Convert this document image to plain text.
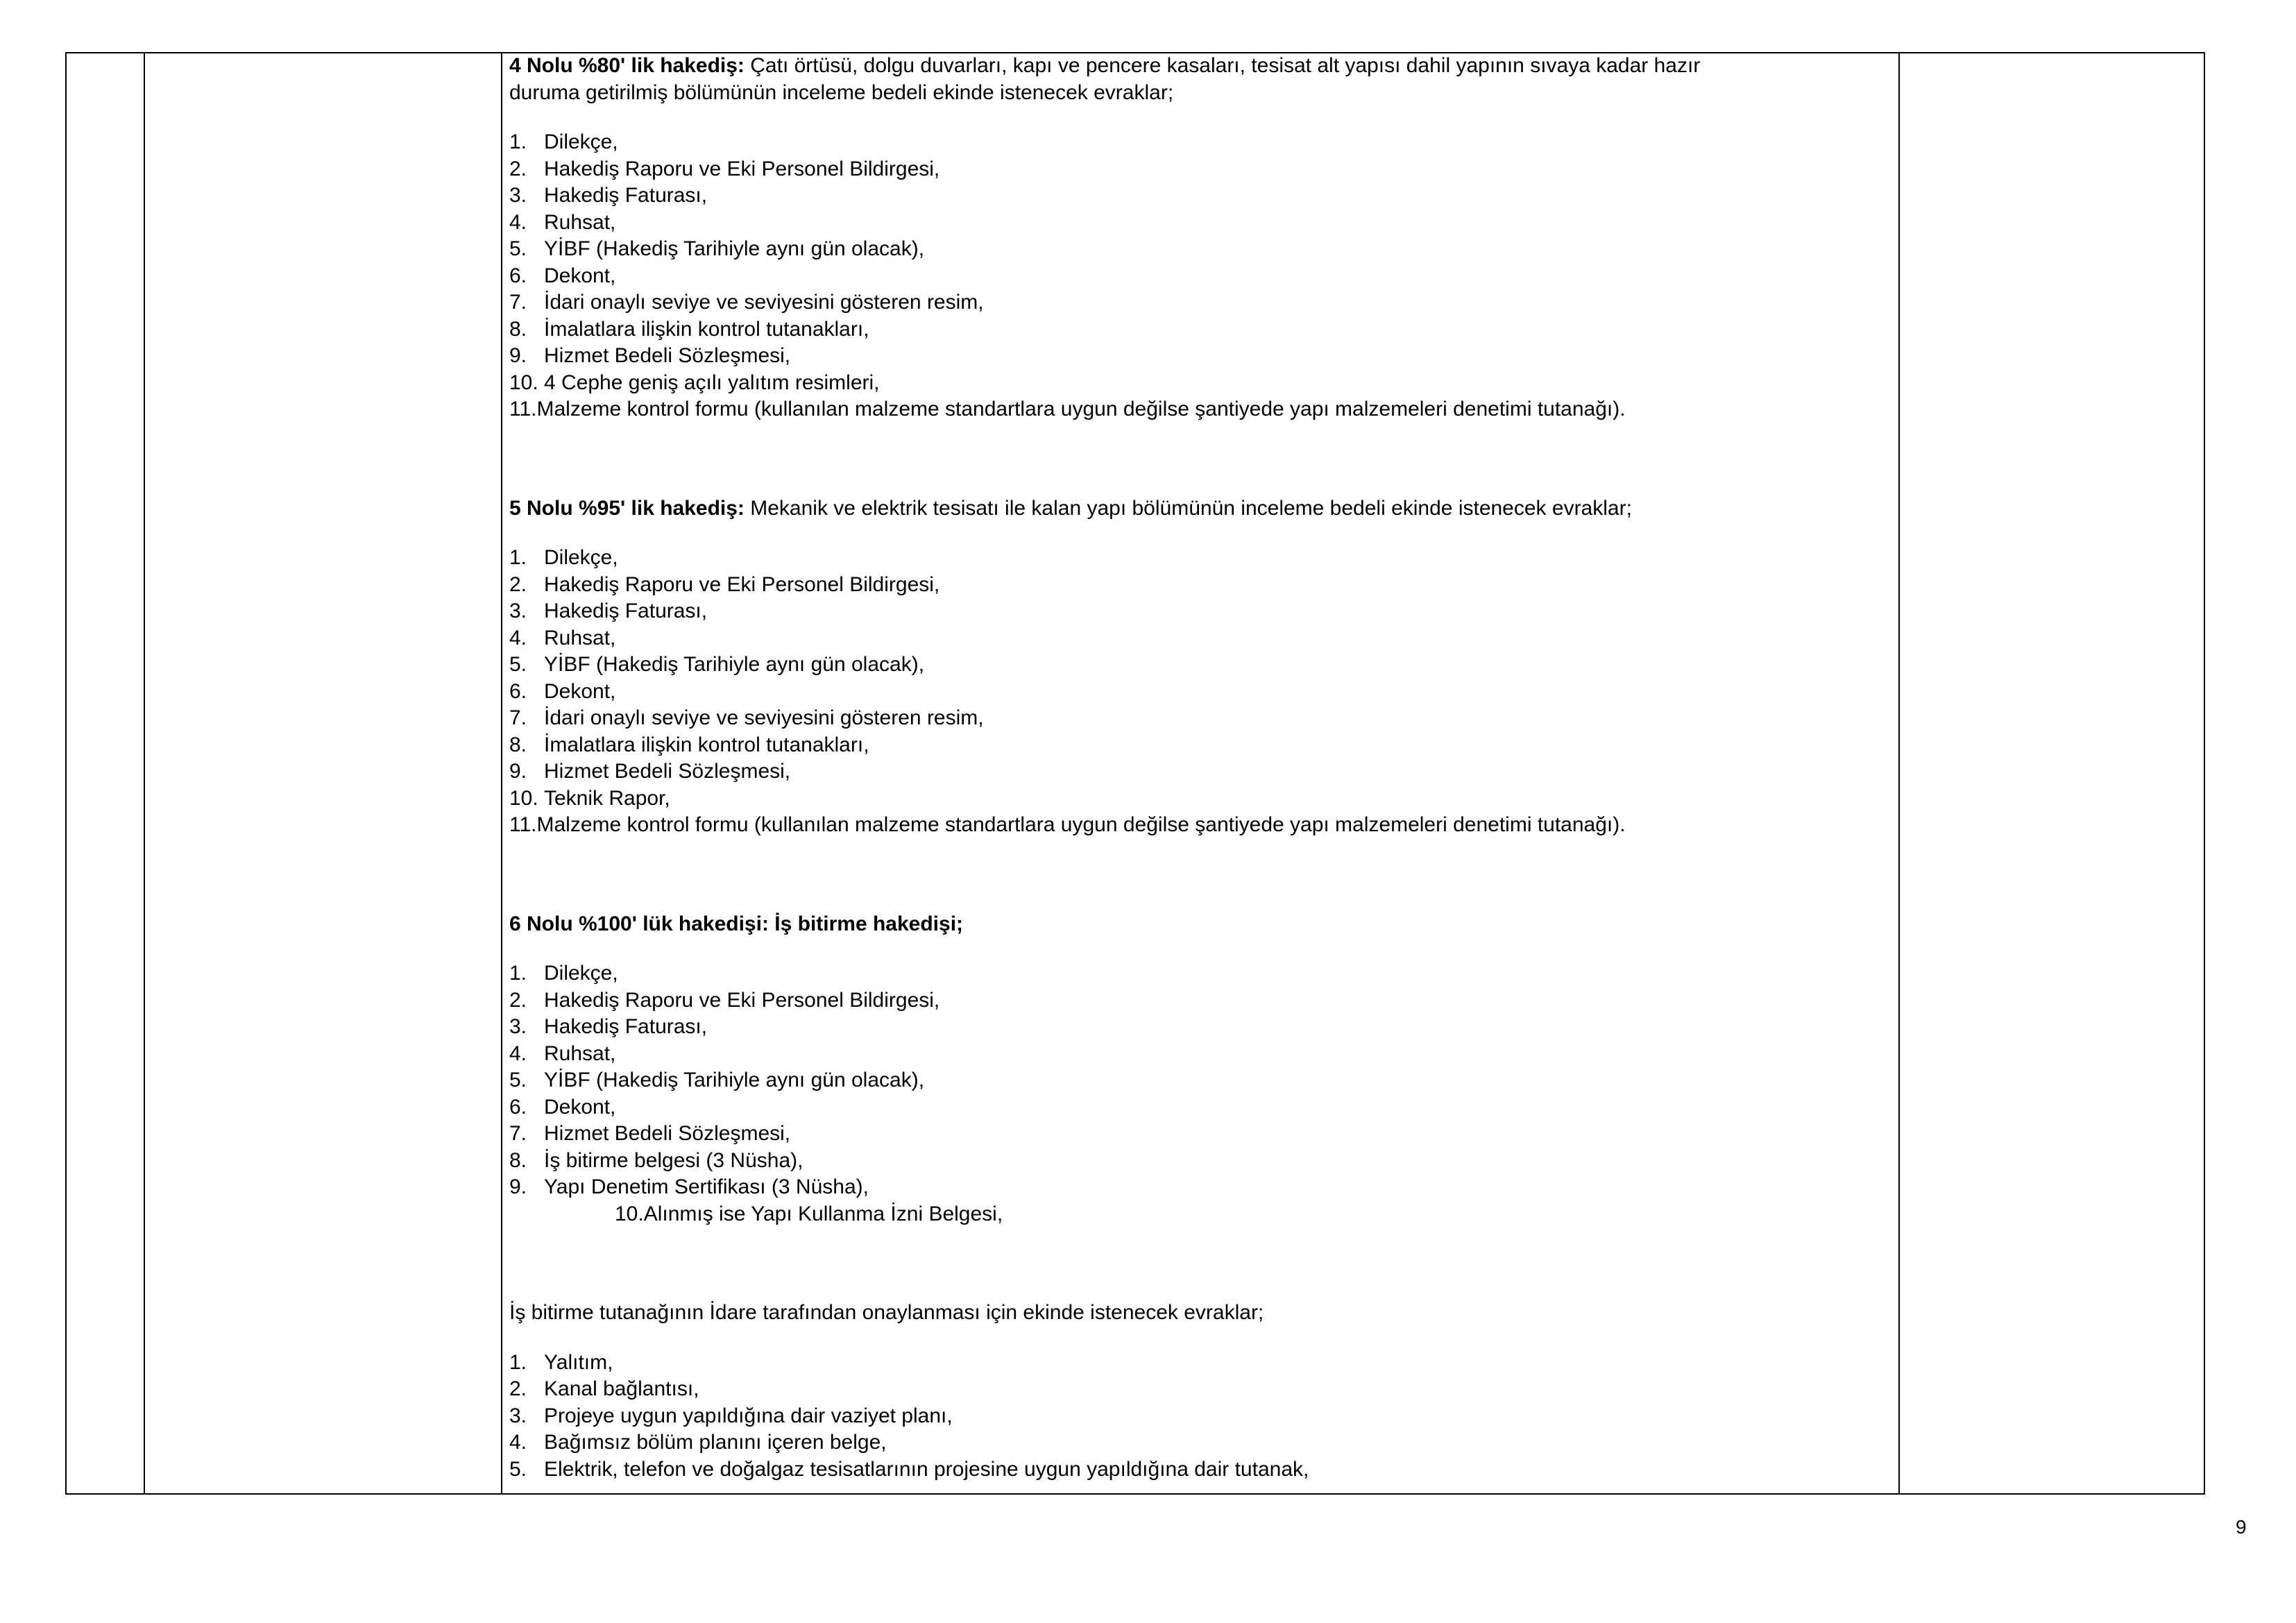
4 Nolu %80' lik hakediş: Çatı örtüsü, dolgu duvarları, kapı ve pencere kasaları, tesisat alt yapısı dahil yapının sıvaya kadar hazır

duruma getirilmiş bölümünün inceleme bedeli ekinde istenecek evraklar;

1. Dilekçe,
2. Hakediş Raporu ve Eki Personel Bildirgesi,
3. Hakediş Faturası,
4. Ruhsat,
5. YİBF (Hakediş Tarihiyle aynı gün olacak),
6. Dekont,
7. İdari onaylı seviye ve seviyesini gösteren resim,
8. İmalatlara ilişkin kontrol tutanakları,
9. Hizmet Bedeli Sözleşmesi,
10. 4 Cephe geniş açılı yalıtım resimleri,
11.Malzeme kontrol formu (kullanılan malzeme standartlara uygun değilse şantiyede yapı malzemeleri denetimi tutanağı).

5 Nolu %95' lik hakediş: Mekanik ve elektrik tesisatı ile kalan yapı bölümünün inceleme bedeli ekinde istenecek evraklar;

1. Dilekçe,
2. Hakediş Raporu ve Eki Personel Bildirgesi,
3. Hakediş Faturası,
4. Ruhsat,
5. YİBF (Hakediş Tarihiyle aynı gün olacak),
6. Dekont,
7. İdari onaylı seviye ve seviyesini gösteren resim,
8. İmalatlara ilişkin kontrol tutanakları,
9. Hizmet Bedeli Sözleşmesi,
10. Teknik Rapor,
11.Malzeme kontrol formu (kullanılan malzeme standartlara uygun değilse şantiyede yapı malzemeleri denetimi tutanağı).

6 Nolu %100' lük hakedişi: İş bitirme hakedişi;

1. Dilekçe,
2. Hakediş Raporu ve Eki Personel Bildirgesi,
3. Hakediş Faturası,
4. Ruhsat,
5. YİBF (Hakediş Tarihiyle aynı gün olacak),
6. Dekont,
7. Hizmet Bedeli Sözleşmesi,
8. İş bitirme belgesi (3 Nüsha),
9. Yapı Denetim Sertifikası (3 Nüsha),
10.Alınmış ise Yapı Kullanma İzni Belgesi,

İş bitirme tutanağının İdare tarafından onaylanması için ekinde istenecek evraklar;

1. Yalıtım,
2. Kanal bağlantısı,
3. Projeye uygun yapıldığına dair vaziyet planı,
4. Bağımsız bölüm planını içeren belge,
5. Elektrik, telefon ve doğalgaz tesisatlarının projesine uygun yapıldığına dair tutanak,
9
